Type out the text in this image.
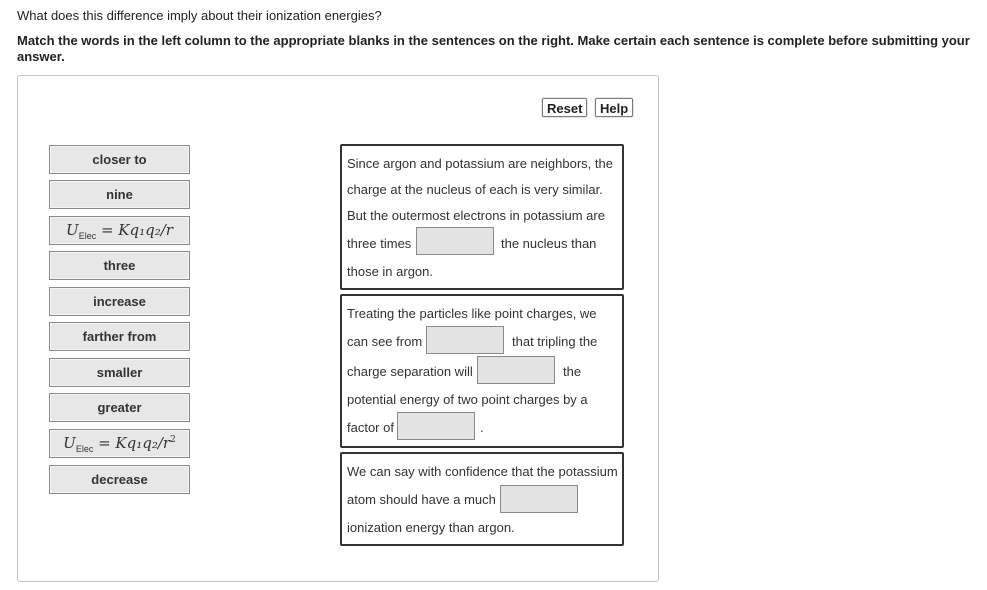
What does this difference imply about their ionization energies?
Match the words in the left column to the appropriate blanks in the sentences on the right. Make certain each sentence is complete before submitting your answer.
Reset	Help
closer to
nine
$U_{Elec} = Kq_1q_2/r$
three
increase
farther from
smaller
greater
$U_{Elec} = Kq_1q_2/r^2$
decrease
Since argon and potassium are neighbors, the
charge at the nucleus of each is very similar.
But the outermost electrons in potassium are
three times	the nucleus than
those in argon.
Treating the particles like point charges, we
can see from	that tripling the
charge separation will	the
potential energy of two point charges by a
factor of	.
We can say with confidence that the potassium
atom should have a much
ionization energy than argon.
